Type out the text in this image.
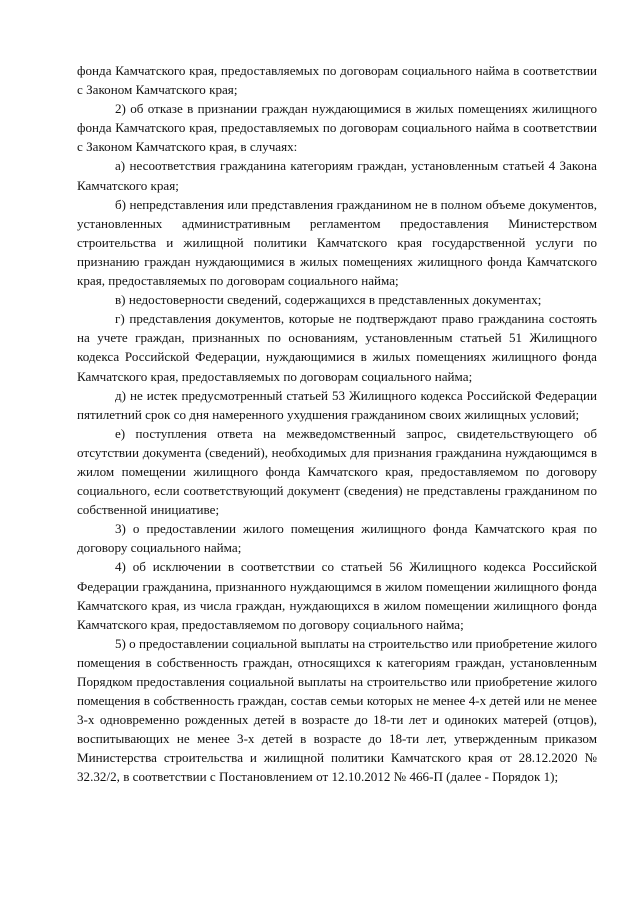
фонда Камчатского края, предоставляемых по договорам социального найма в соответствии с Законом Камчатского края;

2) об отказе в признании граждан нуждающимися в жилых помещениях жилищного фонда Камчатского края, предоставляемых по договорам социального найма в соответствии с Законом Камчатского края, в случаях:

а) несоответствия гражданина категориям граждан, установленным статьей 4 Закона Камчатского края;

б) непредставления или представления гражданином не в полном объеме документов, установленных административным регламентом предоставления Министерством строительства и жилищной политики Камчатского края государственной услуги по признанию граждан нуждающимися в жилых помещениях жилищного фонда Камчатского края, предоставляемых по договорам социального найма;

в) недостоверности сведений, содержащихся в представленных документах;

г) представления документов, которые не подтверждают право гражданина состоять на учете граждан, признанных по основаниям, установленным статьей 51 Жилищного кодекса Российской Федерации, нуждающимися в жилых помещениях жилищного фонда Камчатского края, предоставляемых по договорам социального найма;

д) не истек предусмотренный статьей 53 Жилищного кодекса Российской Федерации пятилетний срок со дня намеренного ухудшения гражданином своих жилищных условий;

е) поступления ответа на межведомственный запрос, свидетельствующего об отсутствии документа (сведений), необходимых для признания гражданина нуждающимся в жилом помещении жилищного фонда Камчатского края, предоставляемом по договору социального, если соответствующий документ (сведения) не представлены гражданином по собственной инициативе;

3) о предоставлении жилого помещения жилищного фонда Камчатского края по договору социального найма;

4) об исключении в соответствии со статьей 56 Жилищного кодекса Российской Федерации гражданина, признанного нуждающимся в жилом помещении жилищного фонда Камчатского края, из числа граждан, нуждающихся в жилом помещении жилищного фонда Камчатского края, предоставляемом по договору социального найма;

5) о предоставлении социальной выплаты на строительство или приобретение жилого помещения в собственность граждан, относящихся к категориям граждан, установленным Порядком предоставления социальной выплаты на строительство или приобретение жилого помещения в собственность граждан, состав семьи которых не менее 4-х детей или не менее 3-х одновременно рожденных детей в возрасте до 18-ти лет и одиноких матерей (отцов), воспитывающих не менее 3-х детей в возрасте до 18-ти лет, утвержденным приказом Министерства строительства и жилищной политики Камчатского края от 28.12.2020 № 32.32/2, в соответствии с Постановлением от 12.10.2012 № 466-П (далее - Порядок 1);
